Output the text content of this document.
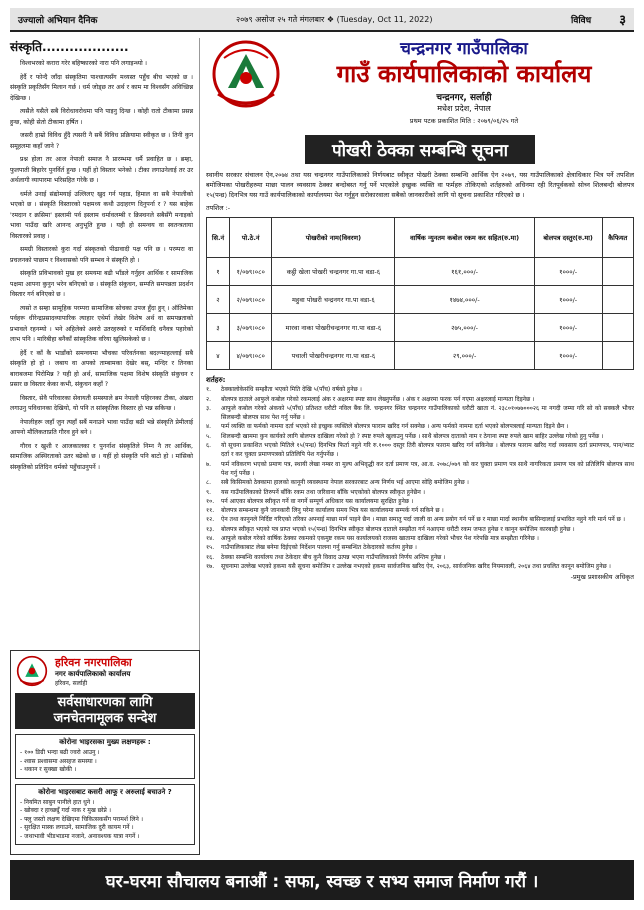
उज्यालो अभियान दैनिक	२०७९ असोज २५ गते मंगलबार ❖ (Tuesday, Oct 11, 2022)	विविध ३
संस्कृति...................

विश्वभरको करारा गरेर बहिष्कारको नारा पनि लगाइन्थ्यो ।

हेर्दै र फोन्दै जाँदा संस्कृतिमा पाश्चात्यसँग मध्यस्त पहुँच बीच भएको छ । संस्कृति प्रकृतिसँग मिलान गर्छ । धर्म जोड्छ तर अर्थ र काम मा विश्वसँग अविच्छिन्न देखिन्छ ।

त्यसैले यसैले सबै विरोधावरोधमा पनि पाइनु दिन्छ । कोही रातो टीकामा प्रसन्न हुन्छ, कोही सेतो टीकामा हर्षित ।

जसरी हाम्रो विविध हुँदै त्यसरी नै सबैं विविध प्रक्रियामा स्वीकृत छ । तिनी कुन समूहलमा कहाँ जाने ?

प्रश्न होला तर आज नेपाली समाज नै प्रारम्भमा धर्मै प्रवाहित छ । ब्रम्हा, फुलपाती बिहारेर पुनर्विर्त हुन्छ । यहीं हो विस्तार भनेको । टीका लगाउनेलाई तर उर अर्थलागी व्यापारमा भरिसहित गरेकै छ ।

धर्मले उनाई संद्योमयाई उल्लिलए खुद गर्न पहाड, हिमाल वा सबै नेपालीको भएको छ । संस्कृति विस्तारको पक्षमध्य कथौ उदाहरण दिनुपर्ना र ? यस बाहेक 'रमदान र क्रसिमा' इस्लामी पर्व इस्लाम धर्मावलम्बी र क्रिस्चनले सबैसँगै मनाइको भावा पाउँदा खरि आनन्द अनुभूति हुन्छ । यही हो समन्वय वा स्वतन्त्रताया विस्तारको प्रवाह ।

समग्री विस्तारको कुरा गर्दा संस्कृतको पीढावादी पक्ष पनि छ । परम्परा वा प्रचलनको पाछाम र विश्वासको पनि सम्भव ने संस्कृति हो ।

संस्कृति प्रविभावको मुख हर समयमा बढी भाँडले गर्नुहन आर्थिक र सामाजिक पक्षमा आपना कुनुन भरेन बनिएको छ । संस्कृति संकुचन, सम्पति समपन्नता प्रदर्शन विस्तार गर्न बनिएको छ ।

त्यसो त सम्हा सामूहिक परम्परा सामाजिक सोचका उपज हुँदा हुन् । ऑतिमेका पर्वहरू धीरेन्द्रप्रसादव्यापारिक त्याहार एथेर्मा लेखेर विशेष अर्थ वा समपन्नताको प्रभावले रहनम्यो । भने अहिलेको अवरो उतरहरुको र मार्शिवादि धनैवत्र पहारेको लाभ पनि । मारिबीहा बनैकाँ सांस्कृतिक वरिया खुलिसकेको छ ।

हेर्दै र काँ कै भाडाँको समन्वयमा भौचका परिवर्तनका बदल्न्माहल्लाई सबै संस्कृति हो हो । जबाय वा अपको ताम्बामका देखेर बस्, मन्दिर र तिनका बाराबजमा पिरोमिन्न ? यही हो अर्थ, सामाजिक पक्षमा विशेष संस्कृति संकुचन र प्रसार छ विस्तार केका कभी, संकुचन कहाँ ?

विस्तार, सेवै परिवारका सेवायती समस्याले ब्रम नेपाली पहिरनका टीका, अंखरा लगाउनु पविधानका देखियो, यो पनि त सांस्कृतिक विस्तार हो भन्न सकिन्छ ।

नेपालीहरू जहाँ जुन त्यहाँ सबैं मनाउने भावा पाउँदा बढी भन्ने संस्कृति प्रेमीलाई आफ्नो मौलिकताप्रति गौरव हुने बने ।

गौरव र खुशी र आजकालका र पुनर्नाश संस्कृतिले निम्न नै तर आर्थिक, सामाजिक अस्थिरताको उतर बढेको छ । यहीं हो संस्कृति पनि बाटो हो । मांसिको संस्कृतिको प्रतिदिन धर्मको पहुँचाउनुपर्ने ।

हरिवन नगरपालिका
नगर कार्यपालिकाको कार्यालय
हरिवन, सर्लाही
सर्वसाधारणका लागि
जनचेतनामूलक सन्देश
कोरोना भाइरसका मुख्य लक्षणहरू :
- १०० डिग्री भन्दा बढी ज्वरो आउनु ।
- श्वास प्रश्वासमा असहज समस्या ।
- थकान र सुक्खा खोकी ।
कोरोना भाइरसबाट कसरी आफू र अरुलाई बचाउने ?
- नियमित साबुन पानीले हात धुने ।
- खोक्दा र हाच्छ्युँ गर्दा नाक र मुख छोप्ने ।
- फ्लु जस्तो लक्षण देखिएमा चिकित्सकसँग परामर्श लिने ।
- सुरक्षित मास्क लगाउने, सामाजिक दुरी कायम गर्ने ।
- जथाभावी भीडभाडमा नजाने, अनावश्यक यात्रा नगर्ने ।
चन्द्रनगर गाउँपालिका
गाउँ कार्यपालिकाको कार्यालय
चन्द्रनगर, सर्लाही
मधेश प्रदेश, नेपाल
प्रथम पटक प्रकाशित मिति : २०७९/०६/२५ गते
पोखरी ठेक्का सम्बन्धि सूचना
स्थानीय सरकार संचालन ऐन,२०७४ तथा यस चन्द्रनगर गाउँपालिकाको निर्णयबाट स्वीकृत पोखरी ठेक्का सम्बन्धि आर्थिक ऐन २०७९, यस गाउँपालिकाको क्षेत्राधिकार भित्र पर्ने तपशिल बमोजिमका पोखरीहरुमा माछा पालन व्यवसाय ठेक्का बन्दोबस्त गर्नु पर्ने भएकोले इच्छुक व्यक्ति वा फर्महरु तोकिएको शर्तहरुको अधिनमा रही रितपूर्वकको सोच्न शिलबन्दी बोलपत्र १५(पन्ध्र) दिनभित्र यस गाउँ कार्यपालिकाको कार्यालयमा पेश गर्नुहुन सरोकारवाला सबैको जानकारीको लागि यो सूचना प्रकाशित गरिएको छ ।
तपशिल :-
सि.नं	पो.ठे.नं	पोखरीको नाम(विवरण)	वार्षिक न्युनतम कबोल रकम कर सहित(रु.मा)	बोलपत्र दस्तुर(रु.मा)	कैफियत
१	१/०७९।०८०	कट्ठी खेला पोखरी चन्द्रनगर गा.पा वडा-६	१६१,०००/-	१०००/-	
२	२/०७९।०८०	महुवा पोखरी चन्द्रनगर गा.पा वडा-६	१४७४,०००/-	१०००/-	
३	३/०७९।०८०	मारवा नाका पोखरीचन्द्रनगर गा.पा वडा-६	२७५,०००/-	१०००/-	
४	४/०७९।०८०	पचाली पोखरीचन्द्रनगर गा.पा वडा-६	२९,०००/-	१०००/-	
शर्तहरु:
१.	ठेक्कालोकेसंधि सम्झौता भएको मिति देखि ५(पाँच) वर्षको हुनेछ ।
२.	बोलपत्र दाताले आफुले कबोल गरेको रकमलाई अंक र अक्षरमा स्पष्ट साथ लेख्नुपर्नेछ । अंक र अक्षरमा फरक पर्न गएमा अक्षरलाई मान्यता दिइनेछ ।
३.	आफुले कबोल गरेको अंकको ५(पाँच) प्रतिशत धरौटी नविल बैंक लि. चन्द्रनगर स्थित चन्द्रनगर गाउँपालिकाको धरौटी खाता नं. २३८०१०७७०००२६ मा नगदी जम्मा गरि सो को सक्कलै भौचर सिलबन्दी बोलपत्र साथ पेश गर्नु पर्नेछ ।
४.	फर्म व्यक्ति वा फर्मको नाममा दर्ता भएको सो इच्छुक व्यक्तिले बोलपत्र फाराम खरिद गर्न सक्नेछ । अन्य फर्मको नाममा दर्ता भएको बोलपत्रलाई मान्यता दिइने छैन ।
५.	शिलबन्दी खाममा कुन कार्यको लागि बोलपत्र दाखिला गरेको हो ? स्पष्ट रुपले खुलाउनु पर्नेछ । साथै बोलपत्र दाताको नाम र ठेगाना स्पष्ट रुपले खाम बाहिर उल्लेख गरेको हुनु पर्नेछ ।
६.	यो सूचना प्रकाशित भएको मितिले १५(पन्ध्र) दिनभित्र फिर्ता नहुने गरि रु.१००० दस्तुर तिरी बोलपत्र फाराम खरिद गर्न सकिनेछ । बोलपत्र फाराम खरिद गर्दा व्यवसाय दर्ता प्रमाणपत्र, पान/भ्याट दर्ता र कर चुक्ता प्रमाणपत्रको प्रतिलिपि पेश गर्नुपर्नेछ ।
७.	फर्म नविकरण भएको प्रमाण पत्र, स्थायी लेखा नम्बर वा मुल्य अभिवृद्धी कर दर्ता प्रमाण पत्र, आ.व. २०७८/०७९ को कर चुक्ता प्रमाण पत्र साथै नागरिकता प्रमाण पत्र को प्रतिलिपि बोलपत्र साथ पेश गर्नु पर्नेछ ।
८.	सबै किसिमको ठेक्कामा हालको कानूनी व्यवस्थामा नेपाल सरकारबाट अन्य निर्णय भई आएमा सोहि बमोजिम हुनेछ ।
९.	यस गाउँपालिकाको तिरुपर्ने बाँकि रकम तथा जरिवाना बाँकि भएकोको बोलपत्र स्वीकृत हुनेछैन ।
१०.	पर्न आएका बोलपत्र स्वीकृत गर्ने वा नगर्ने सम्पूर्ण अधिकार यस कार्यालयमा सुरक्षित हुनेछ ।
११.	बोलपत्र सम्बन्धमा कुनै जानकारी लिनु परेमा कार्यालय समय भित्र यस कार्यालयमा सम्पर्क गर्न सकिने छ ।
१२.	ऐन तथा कानुनले निर्दिष्ट गरिएको तरिका अपनाई माछा मार्न पाइने छैन । माछा समातु पर्दा जाली वा अन्य प्रयोग गर्न पर्ने छ र माछा मार्दा स्थानीय बासिन्दालाई प्रभावित नहुने गरि मार्न पर्ने छ ।
१३.	बोलपत्र स्वीकृत भएको पत्र प्राप्त भएको १५(पन्ध्र) दिनभित्र स्वीकृत बोलपत्र दाताले सम्झौता गर्न नआएमा धरौटी रकम जफत हुनेछ र कानून बमोजिम कारबाही हुनेछ ।
१४.	आफुले कबोल गरेको वार्षिक ठेक्का रकमको एकमुष्ट रकम यस कार्यालयको राजस्व खातामा दाखिला गरेको भौचर पेश गरेपछि मात्र सम्झौता गरिनेछ ।
१५.	गाउँपालिकाबाट लेख बनेमा दिईएको निर्देशन पालना गर्नु सम्बन्धित ठेकेदारको कर्तव्य हुनेछ ।
१६.	ठेक्का सम्बन्धि कार्यालय तथा ठेकेदार बीच कुनै विवाद उत्पन्न भएमा गाउँपालिकाको निर्णय अन्तिम हुनेछ ।
१७.	सूचनामा उल्लेख भएको हकमा यसै सूचना बमोजिम र उल्लेख नभएको हकमा सार्वजनिक खरिद ऐन, २०६३, सार्वजनिक खरिद नियमावली, २०६४ तथा प्रचलित कानून बमोजिम हुनेछ ।
-प्रमुख प्रशासकीय अधिकृत
घर-घरमा सौचालय बनाऔं : सफा, स्वच्छ र सभ्य समाज निर्माण गरौं ।
